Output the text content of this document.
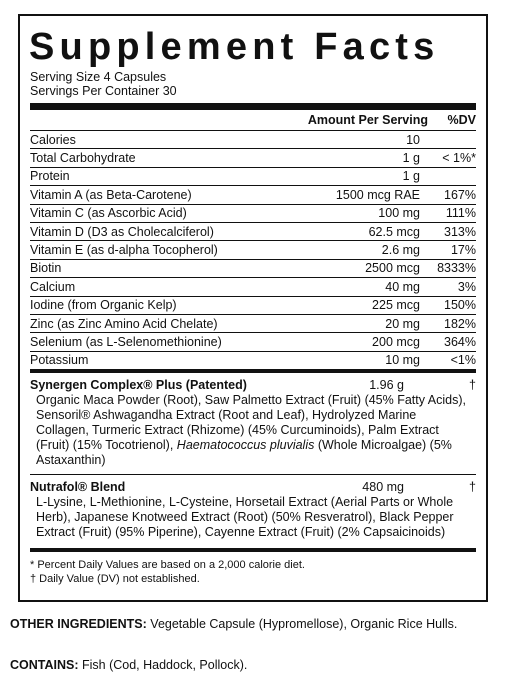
Supplement Facts
Serving Size 4 Capsules
Servings Per Container 30
Amount Per Serving	%DV
Calories	10
Total Carbohydrate	1 g	< 1%*
Protein	1 g
Vitamin A (as Beta-Carotene)	1500 mcg RAE	167%
Vitamin C (as Ascorbic Acid)	100 mg	111%
Vitamin D (D3 as Cholecalciferol)	62.5 mcg	313%
Vitamin E (as d-alpha Tocopherol)	2.6 mg	17%
Biotin	2500 mcg	8333%
Calcium	40 mg	3%
Iodine (from Organic Kelp)	225 mcg	150%
Zinc (as Zinc Amino Acid Chelate)	20 mg	182%
Selenium (as L-Selenomethionine)	200 mcg	364%
Potassium	10 mg	<1%
Synergen Complex® Plus (Patented)	1.96 g	†
Organic Maca Powder (Root), Saw Palmetto Extract (Fruit) (45% Fatty Acids), Sensoril® Ashwagandha Extract (Root and Leaf), Hydrolyzed Marine Collagen, Turmeric Extract (Rhizome) (45% Curcuminoids), Palm Extract (Fruit) (15% Tocotrienol), Haematococcus pluvialis (Whole Microalgae) (5% Astaxanthin)
Nutrafol® Blend	480 mg	†
L-Lysine, L-Methionine, L-Cysteine, Horsetail Extract (Aerial Parts or Whole Herb), Japanese Knotweed Extract (Root) (50% Resveratrol), Black Pepper Extract (Fruit) (95% Piperine), Cayenne Extract (Fruit) (2% Capsaicinoids)
* Percent Daily Values are based on a 2,000 calorie diet.
† Daily Value (DV) not established.
OTHER INGREDIENTS: Vegetable Capsule (Hypromellose), Organic Rice Hulls.
CONTAINS: Fish (Cod, Haddock, Pollock).
